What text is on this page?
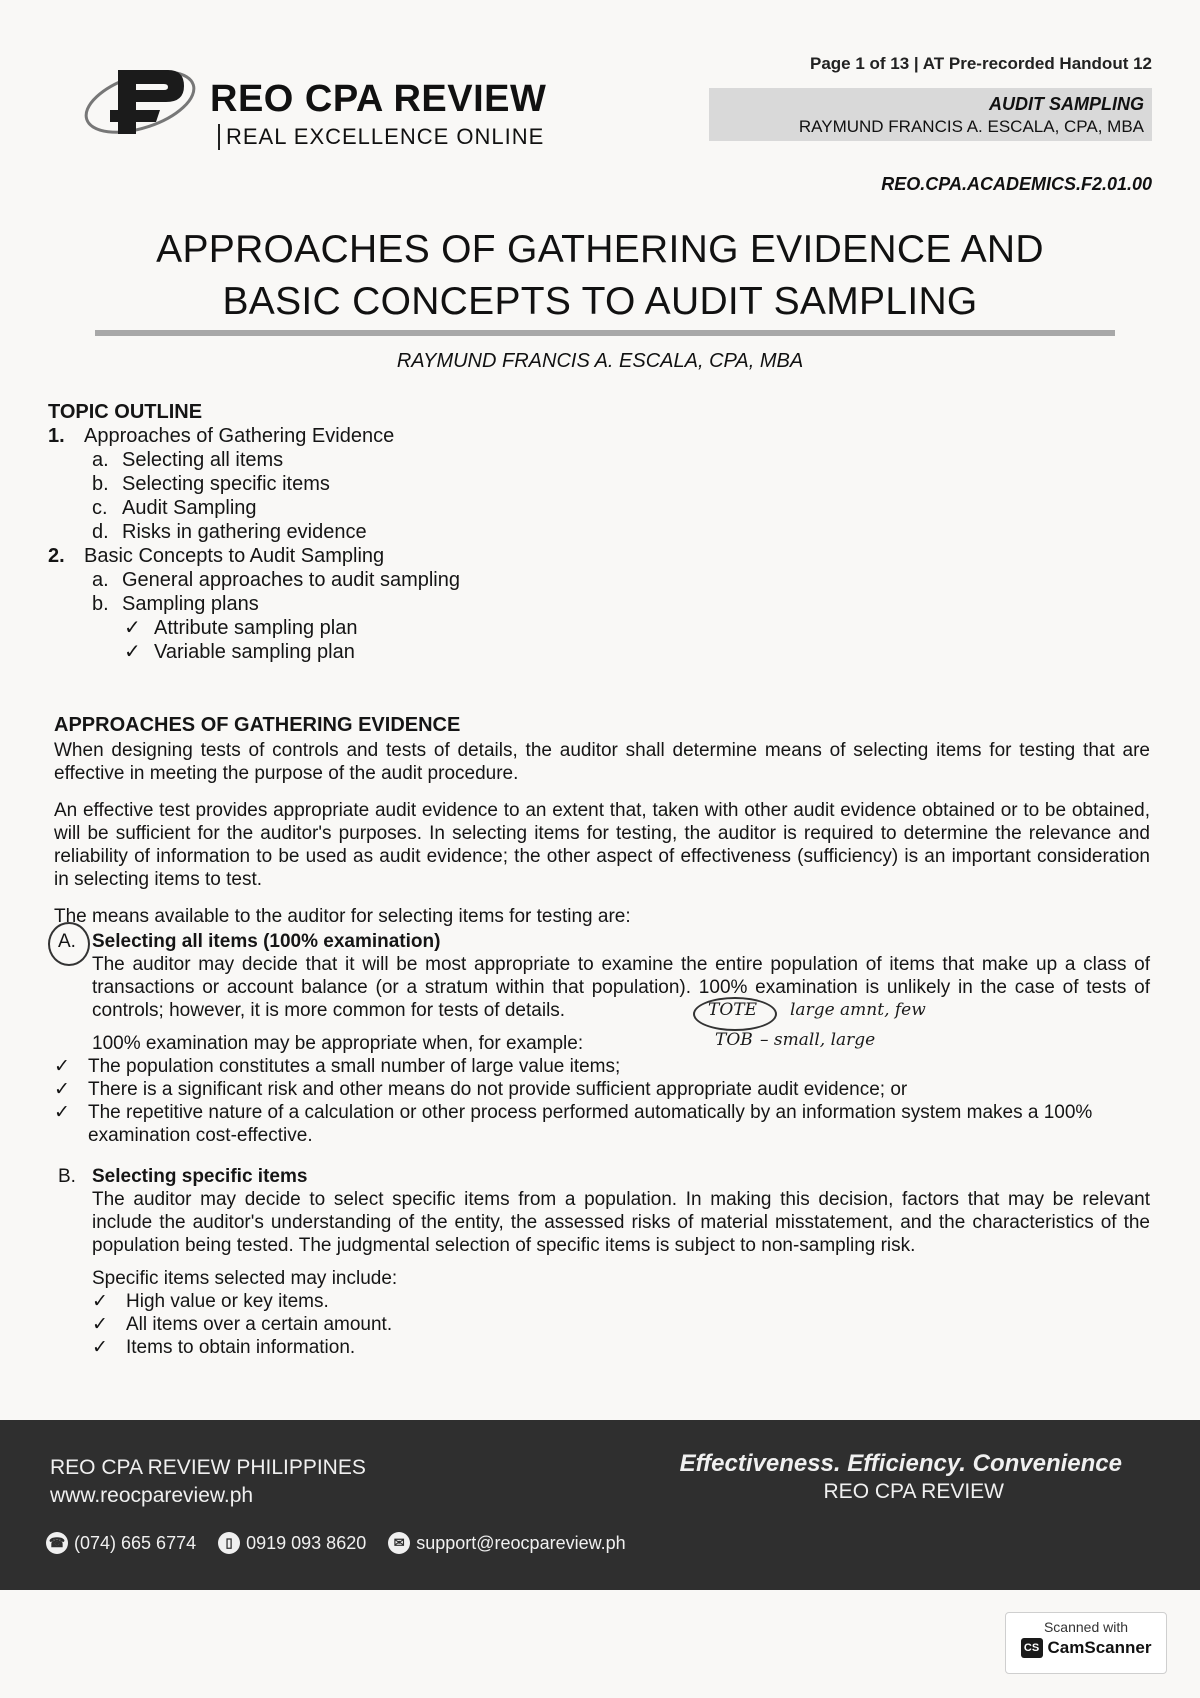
REO CPA REVIEW
REAL EXCELLENCE ONLINE
Page 1 of 13 | AT Pre-recorded Handout 12
AUDIT SAMPLING
RAYMUND FRANCIS A. ESCALA, CPA, MBA
REO.CPA.ACADEMICS.F2.01.00
APPROACHES OF GATHERING EVIDENCE AND
BASIC CONCEPTS TO AUDIT SAMPLING
RAYMUND FRANCIS A. ESCALA, CPA, MBA
TOPIC OUTLINE
1. Approaches of Gathering Evidence
a. Selecting all items
b. Selecting specific items
c. Audit Sampling
d. Risks in gathering evidence
2. Basic Concepts to Audit Sampling
a. General approaches to audit sampling
b. Sampling plans
✓ Attribute sampling plan
✓ Variable sampling plan
APPROACHES OF GATHERING EVIDENCE

When designing tests of controls and tests of details, the auditor shall determine means of selecting items for testing that are effective in meeting the purpose of the audit procedure.

An effective test provides appropriate audit evidence to an extent that, taken with other audit evidence obtained or to be obtained, will be sufficient for the auditor's purposes. In selecting items for testing, the auditor is required to determine the relevance and reliability of information to be used as audit evidence; the other aspect of effectiveness (sufficiency) is an important consideration in selecting items to test.

The means available to the auditor for selecting items for testing are:

A. Selecting all items (100% examination)

The auditor may decide that it will be most appropriate to examine the entire population of items that make up a class of transactions or account balance (or a stratum within that population). 100% examination is unlikely in the case of tests of controls; however, it is more common for tests of details.

100% examination may be appropriate when, for example:
✓ The population constitutes a small number of large value items;
✓ There is a significant risk and other means do not provide sufficient appropriate audit evidence; or
✓ The repetitive nature of a calculation or other process performed automatically by an information system makes a 100% examination cost-effective.
B. Selecting specific items

The auditor may decide to select specific items from a population. In making this decision, factors that may be relevant include the auditor's understanding of the entity, the assessed risks of material misstatement, and the characteristics of the population being tested. The judgmental selection of specific items is subject to non-sampling risk.

Specific items selected may include:
✓ High value or key items.
✓ All items over a certain amount.
✓ Items to obtain information.
TOTE large amnt, few
TOB – small, large
REO CPA REVIEW PHILIPPINES
www.reocpareview.ph
Effectiveness. Efficiency. Convenience
REO CPA REVIEW
☎ (074) 665 6774	▯ 0919 093 8620	✉ support@reocpareview.ph
Scanned with
CS CamScanner
